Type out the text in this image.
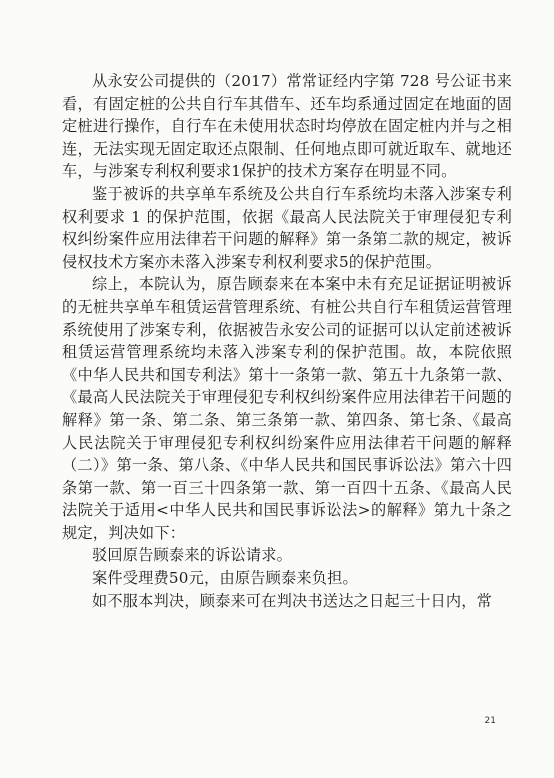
从永安公司提供的（2017）常常证经内字第 728 号公证书来看，有固定桩的公共自行车其借车、还车均系通过固定在地面的固定桩进行操作，自行车在未使用状态时均停放在固定桩内并与之相连，无法实现无固定取还点限制、任何地点即可就近取车、就地还车，与涉案专利权利要求1保护的技术方案存在明显不同。

鉴于被诉的共享单车系统及公共自行车系统均未落入涉案专利权利要求 1 的保护范围，依据《最高人民法院关于审理侵犯专利权纠纷案件应用法律若干问题的解释》第一条第二款的规定，被诉侵权技术方案亦未落入涉案专利权利要求5的保护范围。

综上，本院认为，原告顾泰来在本案中未有充足证据证明被诉的无桩共享单车租赁运营管理系统、有桩公共自行车租赁运营管理系统使用了涉案专利，依据被告永安公司的证据可以认定前述被诉租赁运营管理系统均未落入涉案专利的保护范围。故，本院依照《中华人民共和国专利法》第十一条第一款、第五十九条第一款、《最高人民法院关于审理侵犯专利权纠纷案件应用法律若干问题的解释》第一条、第二条、第三条第一款、第四条、第七条、《最高人民法院关于审理侵犯专利权纠纷案件应用法律若干问题的解释（二）》第一条、第八条、《中华人民共和国民事诉讼法》第六十四条第一款、第一百三十四条第一款、第一百四十五条、《最高人民法院关于适用<中华人民共和国民事诉讼法>的解释》第九十条之规定，判决如下：

驳回原告顾泰来的诉讼请求。

案件受理费50元，由原告顾泰来负担。

如不服本判决，顾泰来可在判决书送达之日起三十日内，常

21
